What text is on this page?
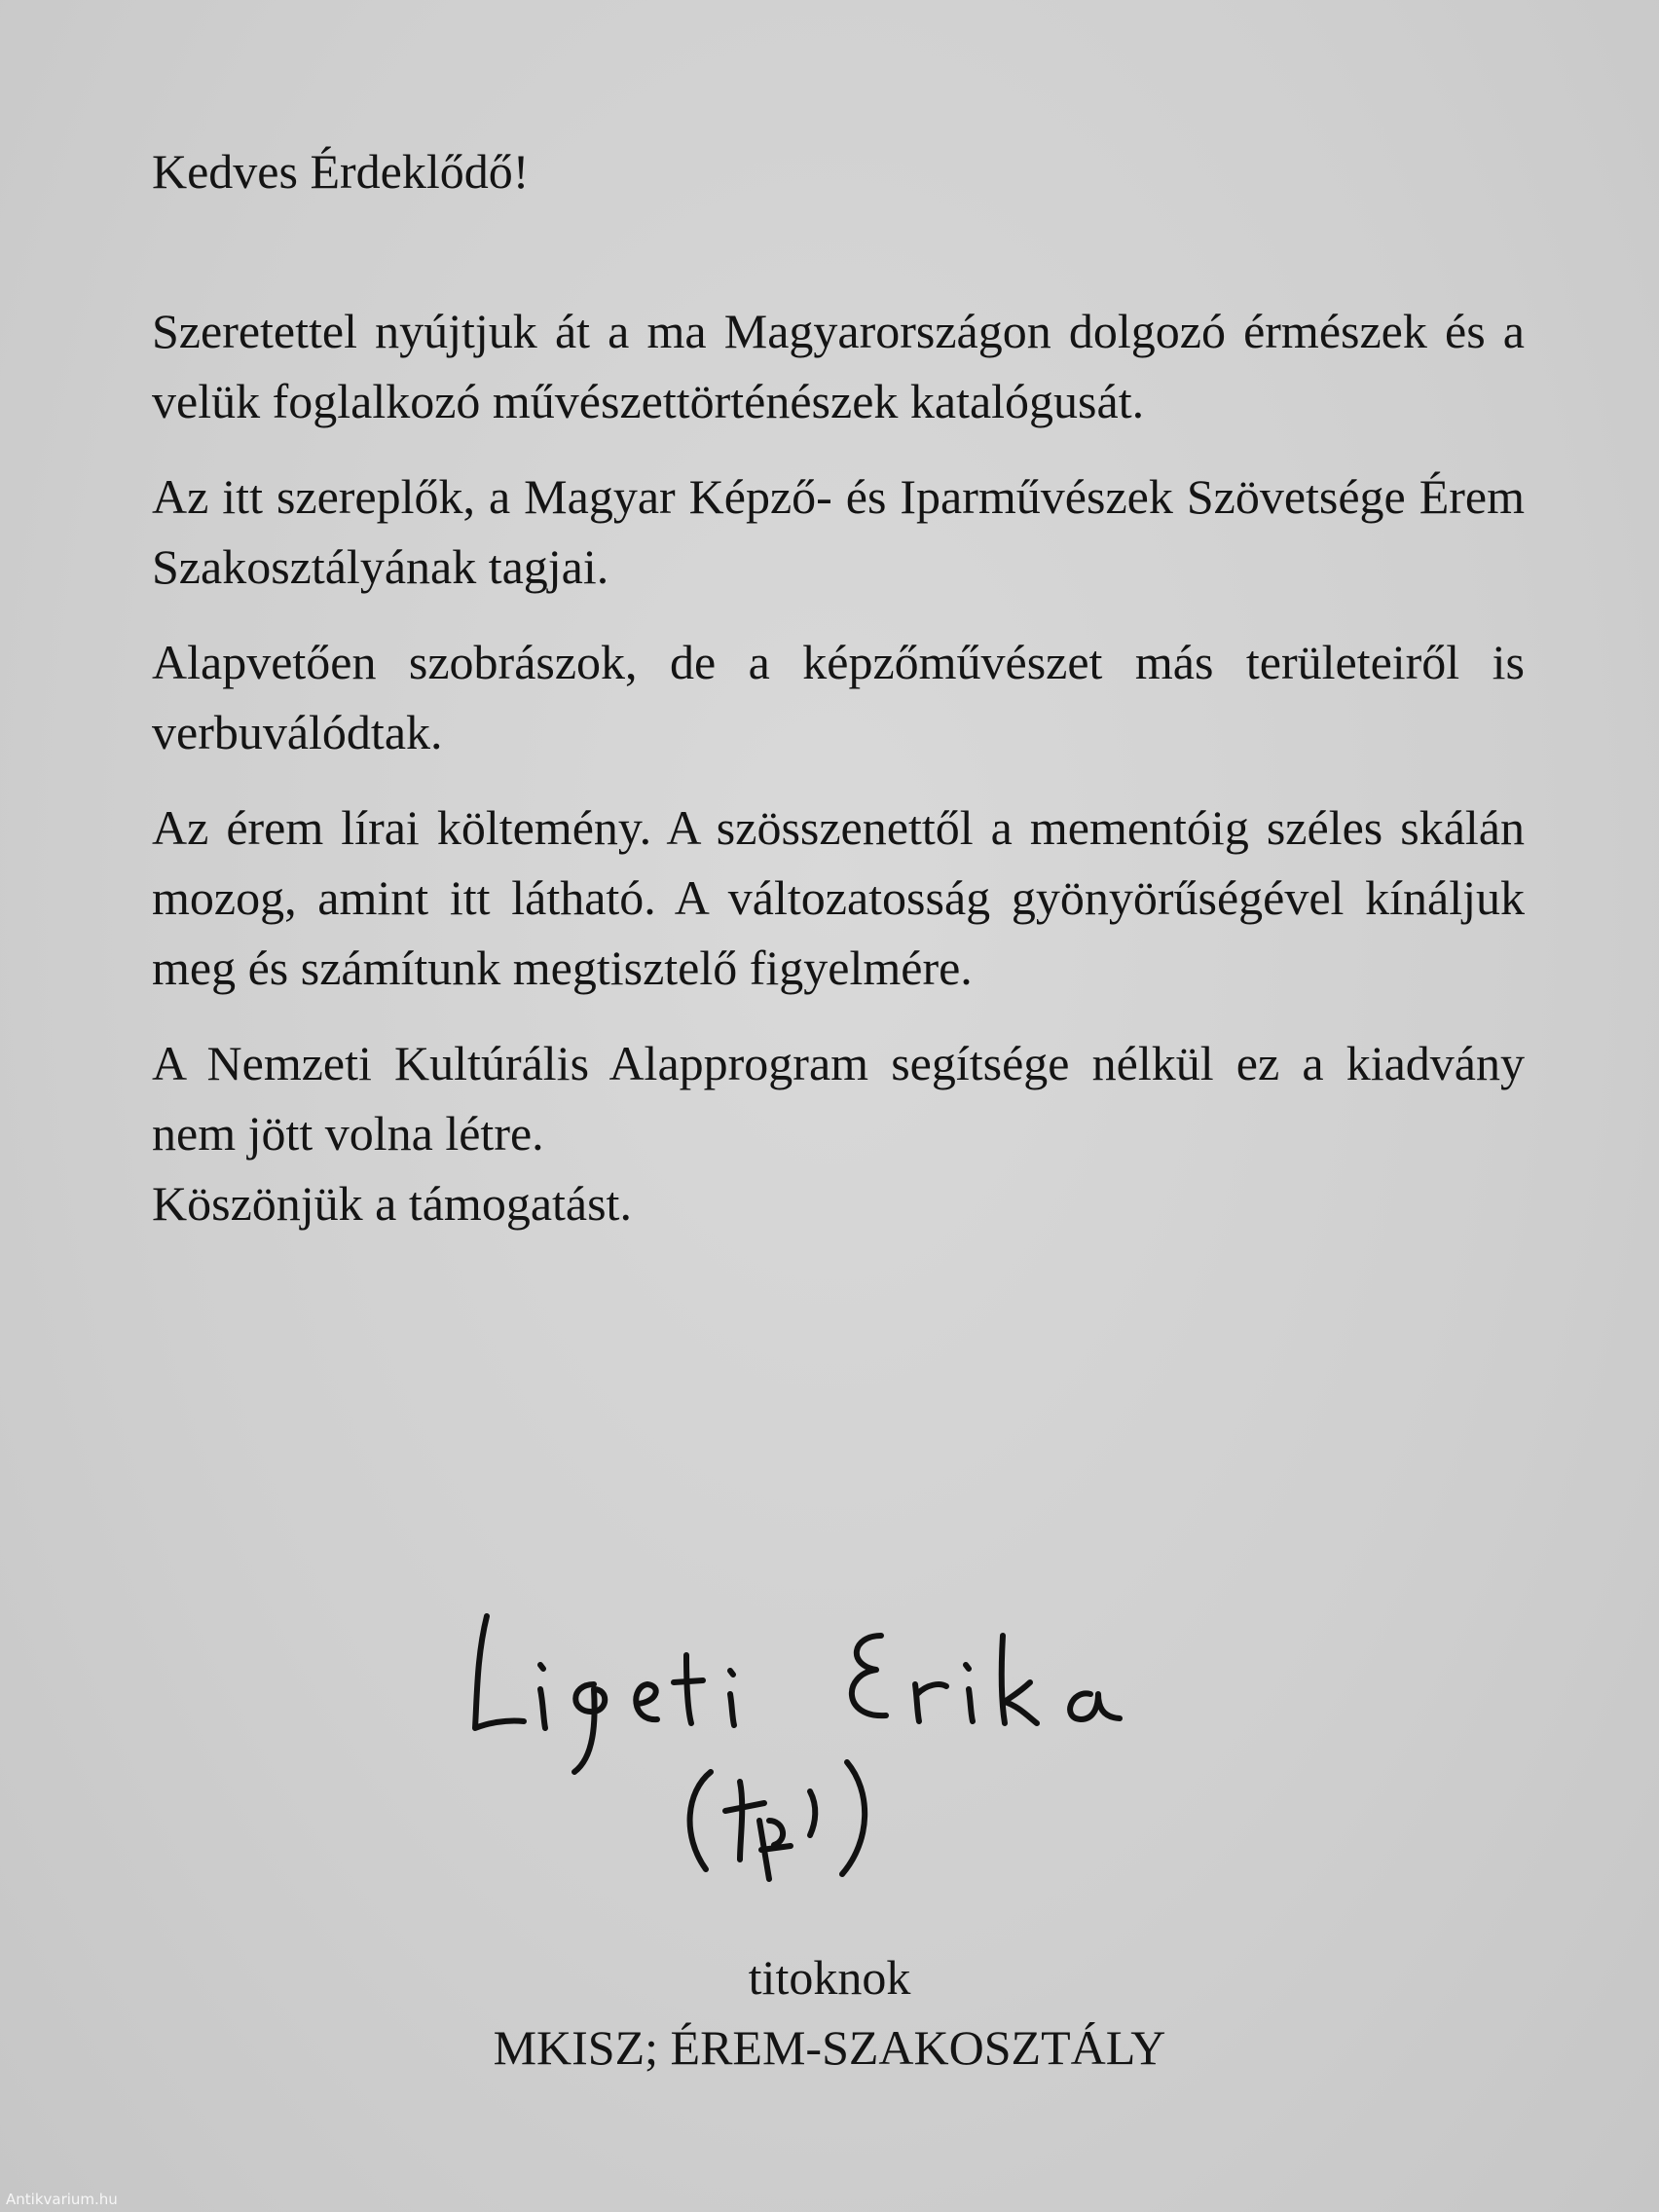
Kedves Érdeklődő!

Szeretettel nyújtjuk át a ma Magyarországon dolgozó érmészek és a velük foglalkozó művészettörténészek katalógusát.

Az itt szereplők, a Magyar Képző- és Iparművészek Szövetsége Érem Szakosztályának tagjai.

Alapvetően szobrászok, de a képzőművészet más területeiről is verbuválódtak.

Az érem lírai költemény. A szösszenettől a mementóig széles skálán mozog, amint itt látható. A változatosság gyönyörűségével kínáljuk meg és számítunk megtisztelő figyelmére.

A Nemzeti Kultúrális Alapprogram segítsége nélkül ez a kiadvány nem jött volna létre.

Köszönjük a támogatást.

titoknok
MKISZ; ÉREM-SZAKOSZTÁLY
Antikvarium.hu
